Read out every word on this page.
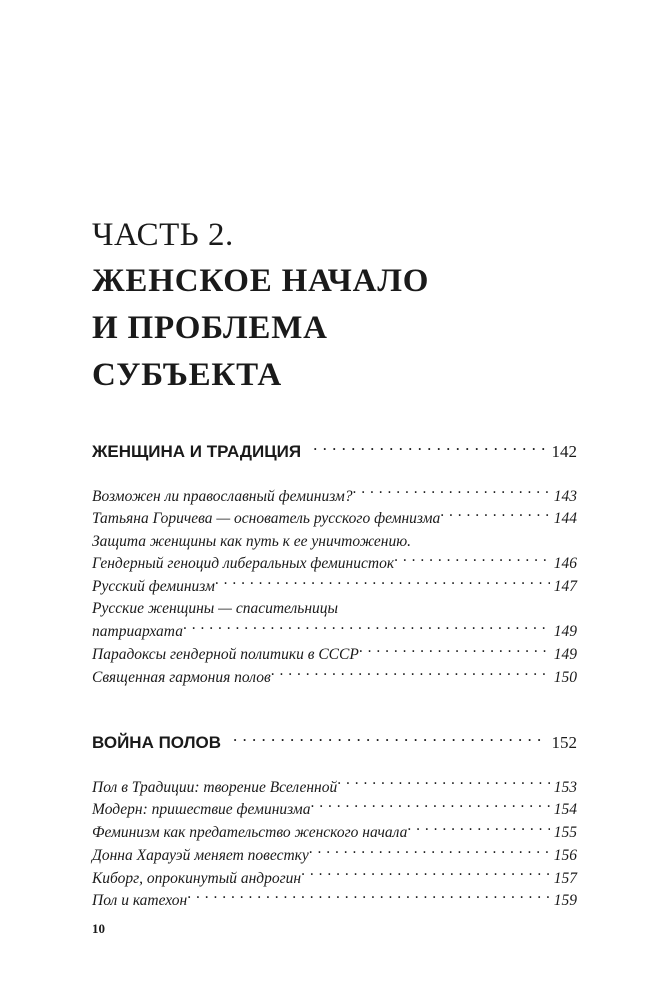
ЧАСТЬ 2.
ЖЕНСКОЕ НАЧАЛО
И ПРОБЛЕМА
СУБЪЕКТА
ЖЕНЩИНА И ТРАДИЦИЯ . . .	142
Возможен ли православный феминизм? . . .	143
Татьяна Горичева — основатель русского фемнизма . . .	144
Защита женщины как путь к ее уничтожению.
Гендерный геноцид либеральных феминисток . . .	146
Русский феминизм . . .	147
Русские женщины — спасительницы
патриархата . . .	149
Парадоксы гендерной политики в СССР . . .	149
Священная гармония полов . . .	150
ВОЙНА ПОЛОВ . . .	152
Пол в Традиции: творение Вселенной . . .	153
Модерн: пришествие феминизма . . .	154
Феминизм как предательство женского начала . . .	155
Донна Харауэй меняет повестку . . .	156
Киборг, опрокинутый андрогин . . .	157
Пол и катехон . . .	159
10
